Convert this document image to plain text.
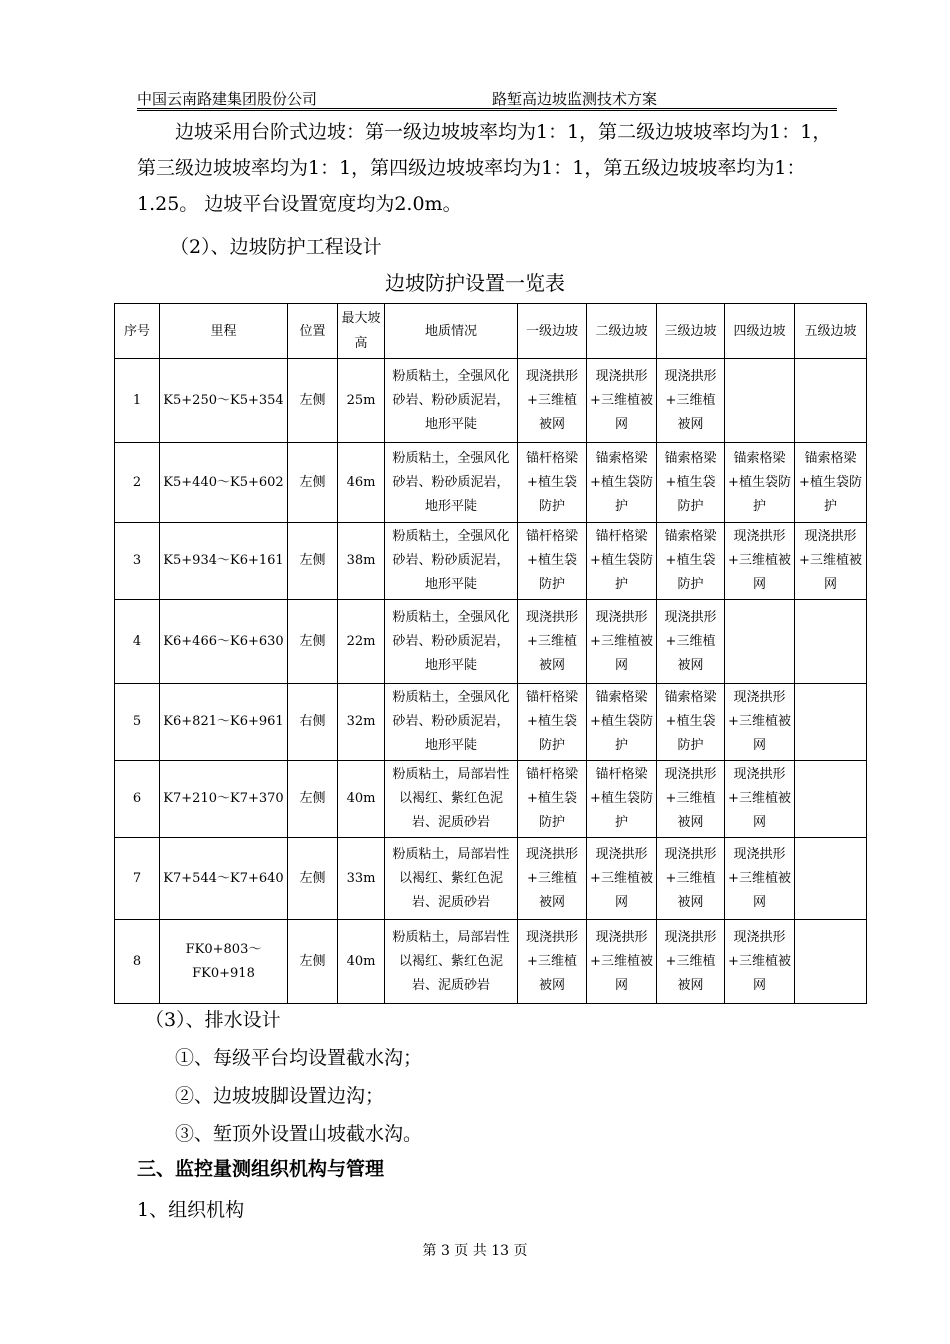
中国云南路建集团股份公司	路堑高边坡监测技术方案
边坡采用台阶式边坡：第一级边坡坡率均为1：1，第二级边坡坡率均为1：1，第三级边坡坡率均为1：1，第四级边坡坡率均为1：1，第五级边坡坡率均为1：1.25。 边坡平台设置宽度均为2.0m。
（2）、边坡防护工程设计
边坡防护设置一览表
序号	里程	位置	最大坡高	地质情况	一级边坡	二级边坡	三级边坡	四级边坡	五级边坡
1	K5+250～K5+354	左侧	25m	粉质粘土，全强风化砂岩、粉砂质泥岩，地形平陡	现浇拱形+三维植被网	现浇拱形+三维植被网	现浇拱形+三维植被网		
2	K5+440～K5+602	左侧	46m	粉质粘土，全强风化砂岩、粉砂质泥岩，地形平陡	锚杆格梁+植生袋防护	锚索格梁+植生袋防护	锚索格梁+植生袋防护	锚索格梁+植生袋防护	锚索格梁+植生袋防护
3	K5+934～K6+161	左侧	38m	粉质粘土，全强风化砂岩、粉砂质泥岩，地形平陡	锚杆格梁+植生袋防护	锚杆格梁+植生袋防护	锚索格梁+植生袋防护	现浇拱形+三维植被网	现浇拱形+三维植被网
4	K6+466～K6+630	左侧	22m	粉质粘土，全强风化砂岩、粉砂质泥岩，地形平陡	现浇拱形+三维植被网	现浇拱形+三维植被网	现浇拱形+三维植被网		
5	K6+821～K6+961	右侧	32m	粉质粘土，全强风化砂岩、粉砂质泥岩，地形平陡	锚杆格梁+植生袋防护	锚索格梁+植生袋防护	锚索格梁+植生袋防护	现浇拱形+三维植被网	
6	K7+210～K7+370	左侧	40m	粉质粘土，局部岩性以褐红、紫红色泥岩、泥质砂岩	锚杆格梁+植生袋防护	锚杆格梁+植生袋防护	现浇拱形+三维植被网	现浇拱形+三维植被网	
7	K7+544～K7+640	左侧	33m	粉质粘土，局部岩性以褐红、紫红色泥岩、泥质砂岩	现浇拱形+三维植被网	现浇拱形+三维植被网	现浇拱形+三维植被网	现浇拱形+三维植被网	
8	FK0+803～FK0+918	左侧	40m	粉质粘土，局部岩性以褐红、紫红色泥岩、泥质砂岩	现浇拱形+三维植被网	现浇拱形+三维植被网	现浇拱形+三维植被网	现浇拱形+三维植被网	
（3）、排水设计
①、每级平台均设置截水沟；
②、边坡坡脚设置边沟；
③、堑顶外设置山坡截水沟。
三、监控量测组织机构与管理
1、组织机构
第 3 页 共 13 页
